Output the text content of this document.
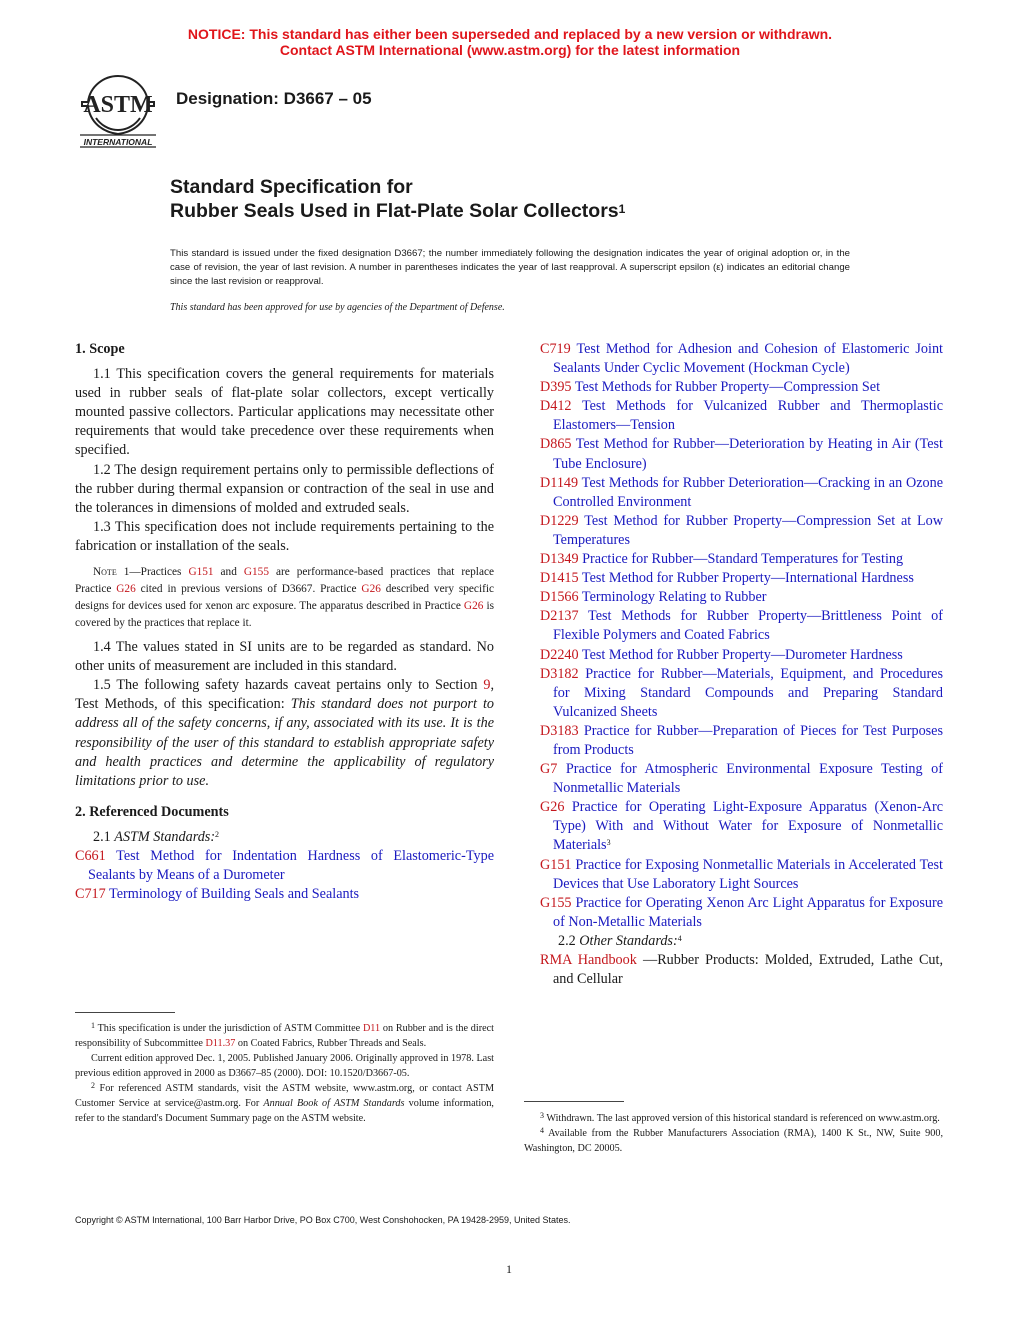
NOTICE: This standard has either been superseded and replaced by a new version or withdrawn.
Contact ASTM International (www.astm.org) for the latest information
ASTM
INTERNATIONAL
Designation: D3667 – 05
Standard Specification for
Rubber Seals Used in Flat-Plate Solar Collectors$^1$
This standard is issued under the fixed designation D3667; the number immediately following the designation indicates the year of original adoption or, in the case of revision, the year of last revision. A number in parentheses indicates the year of last reapproval. A superscript epsilon (ε) indicates an editorial change since the last revision or reapproval.
This standard has been approved for use by agencies of the Department of Defense.

1. Scope

1.1 This specification covers the general requirements for materials used in rubber seals of flat-plate solar collectors, except vertically mounted passive collectors. Particular applications may necessitate other requirements that would take precedence over these requirements when specified.

1.2 The design requirement pertains only to permissible deflections of the rubber during thermal expansion or contraction of the seal in use and the tolerances in dimensions of molded and extruded seals.

1.3 This specification does not include requirements pertaining to the fabrication or installation of the seals.

Note 1—Practices G151 and G155 are performance-based practices that replace Practice G26 cited in previous versions of D3667. Practice G26 described very specific designs for devices used for xenon arc exposure. The apparatus described in Practice G26 is covered by the practices that replace it.

1.4 The values stated in SI units are to be regarded as standard. No other units of measurement are included in this standard.

1.5 The following safety hazards caveat pertains only to Section 9, Test Methods, of this specification: This standard does not purport to address all of the safety concerns, if any, associated with its use. It is the responsibility of the user of this standard to establish appropriate safety and health practices and determine the applicability of regulatory limitations prior to use.

2. Referenced Documents

2.1 ASTM Standards:$^2$

C661 Test Method for Indentation Hardness of Elastomeric-Type Sealants by Means of a Durometer

C717 Terminology of Building Seals and Sealants

$^1$ This specification is under the jurisdiction of ASTM Committee D11 on Rubber and is the direct responsibility of Subcommittee D11.37 on Coated Fabrics, Rubber Threads and Seals.

Current edition approved Dec. 1, 2005. Published January 2006. Originally approved in 1978. Last previous edition approved in 2000 as D3667–85 (2000). DOI: 10.1520/D3667-05.

$^2$ For referenced ASTM standards, visit the ASTM website, www.astm.org, or contact ASTM Customer Service at service@astm.org. For Annual Book of ASTM Standards volume information, refer to the standard's Document Summary page on the ASTM website.

C719 Test Method for Adhesion and Cohesion of Elastomeric Joint Sealants Under Cyclic Movement (Hockman Cycle)

D395 Test Methods for Rubber Property—Compression Set

D412 Test Methods for Vulcanized Rubber and Thermoplastic Elastomers—Tension

D865 Test Method for Rubber—Deterioration by Heating in Air (Test Tube Enclosure)

D1149 Test Methods for Rubber Deterioration—Cracking in an Ozone Controlled Environment

D1229 Test Method for Rubber Property—Compression Set at Low Temperatures

D1349 Practice for Rubber—Standard Temperatures for Testing

D1415 Test Method for Rubber Property—International Hardness

D1566 Terminology Relating to Rubber

D2137 Test Methods for Rubber Property—Brittleness Point of Flexible Polymers and Coated Fabrics

D2240 Test Method for Rubber Property—Durometer Hardness

D3182 Practice for Rubber—Materials, Equipment, and Procedures for Mixing Standard Compounds and Preparing Standard Vulcanized Sheets

D3183 Practice for Rubber—Preparation of Pieces for Test Purposes from Products

G7 Practice for Atmospheric Environmental Exposure Testing of Nonmetallic Materials

G26 Practice for Operating Light-Exposure Apparatus (Xenon-Arc Type) With and Without Water for Exposure of Nonmetallic Materials$^3$

G151 Practice for Exposing Nonmetallic Materials in Accelerated Test Devices that Use Laboratory Light Sources

G155 Practice for Operating Xenon Arc Light Apparatus for Exposure of Non-Metallic Materials

2.2 Other Standards:$^4$

RMA Handbook —Rubber Products: Molded, Extruded, Lathe Cut, and Cellular

$^3$ Withdrawn. The last approved version of this historical standard is referenced on www.astm.org.

$^4$ Available from the Rubber Manufacturers Association (RMA), 1400 K St., NW, Suite 900, Washington, DC 20005.

Copyright © ASTM International, 100 Barr Harbor Drive, PO Box C700, West Conshohocken, PA 19428-2959, United States.
1
